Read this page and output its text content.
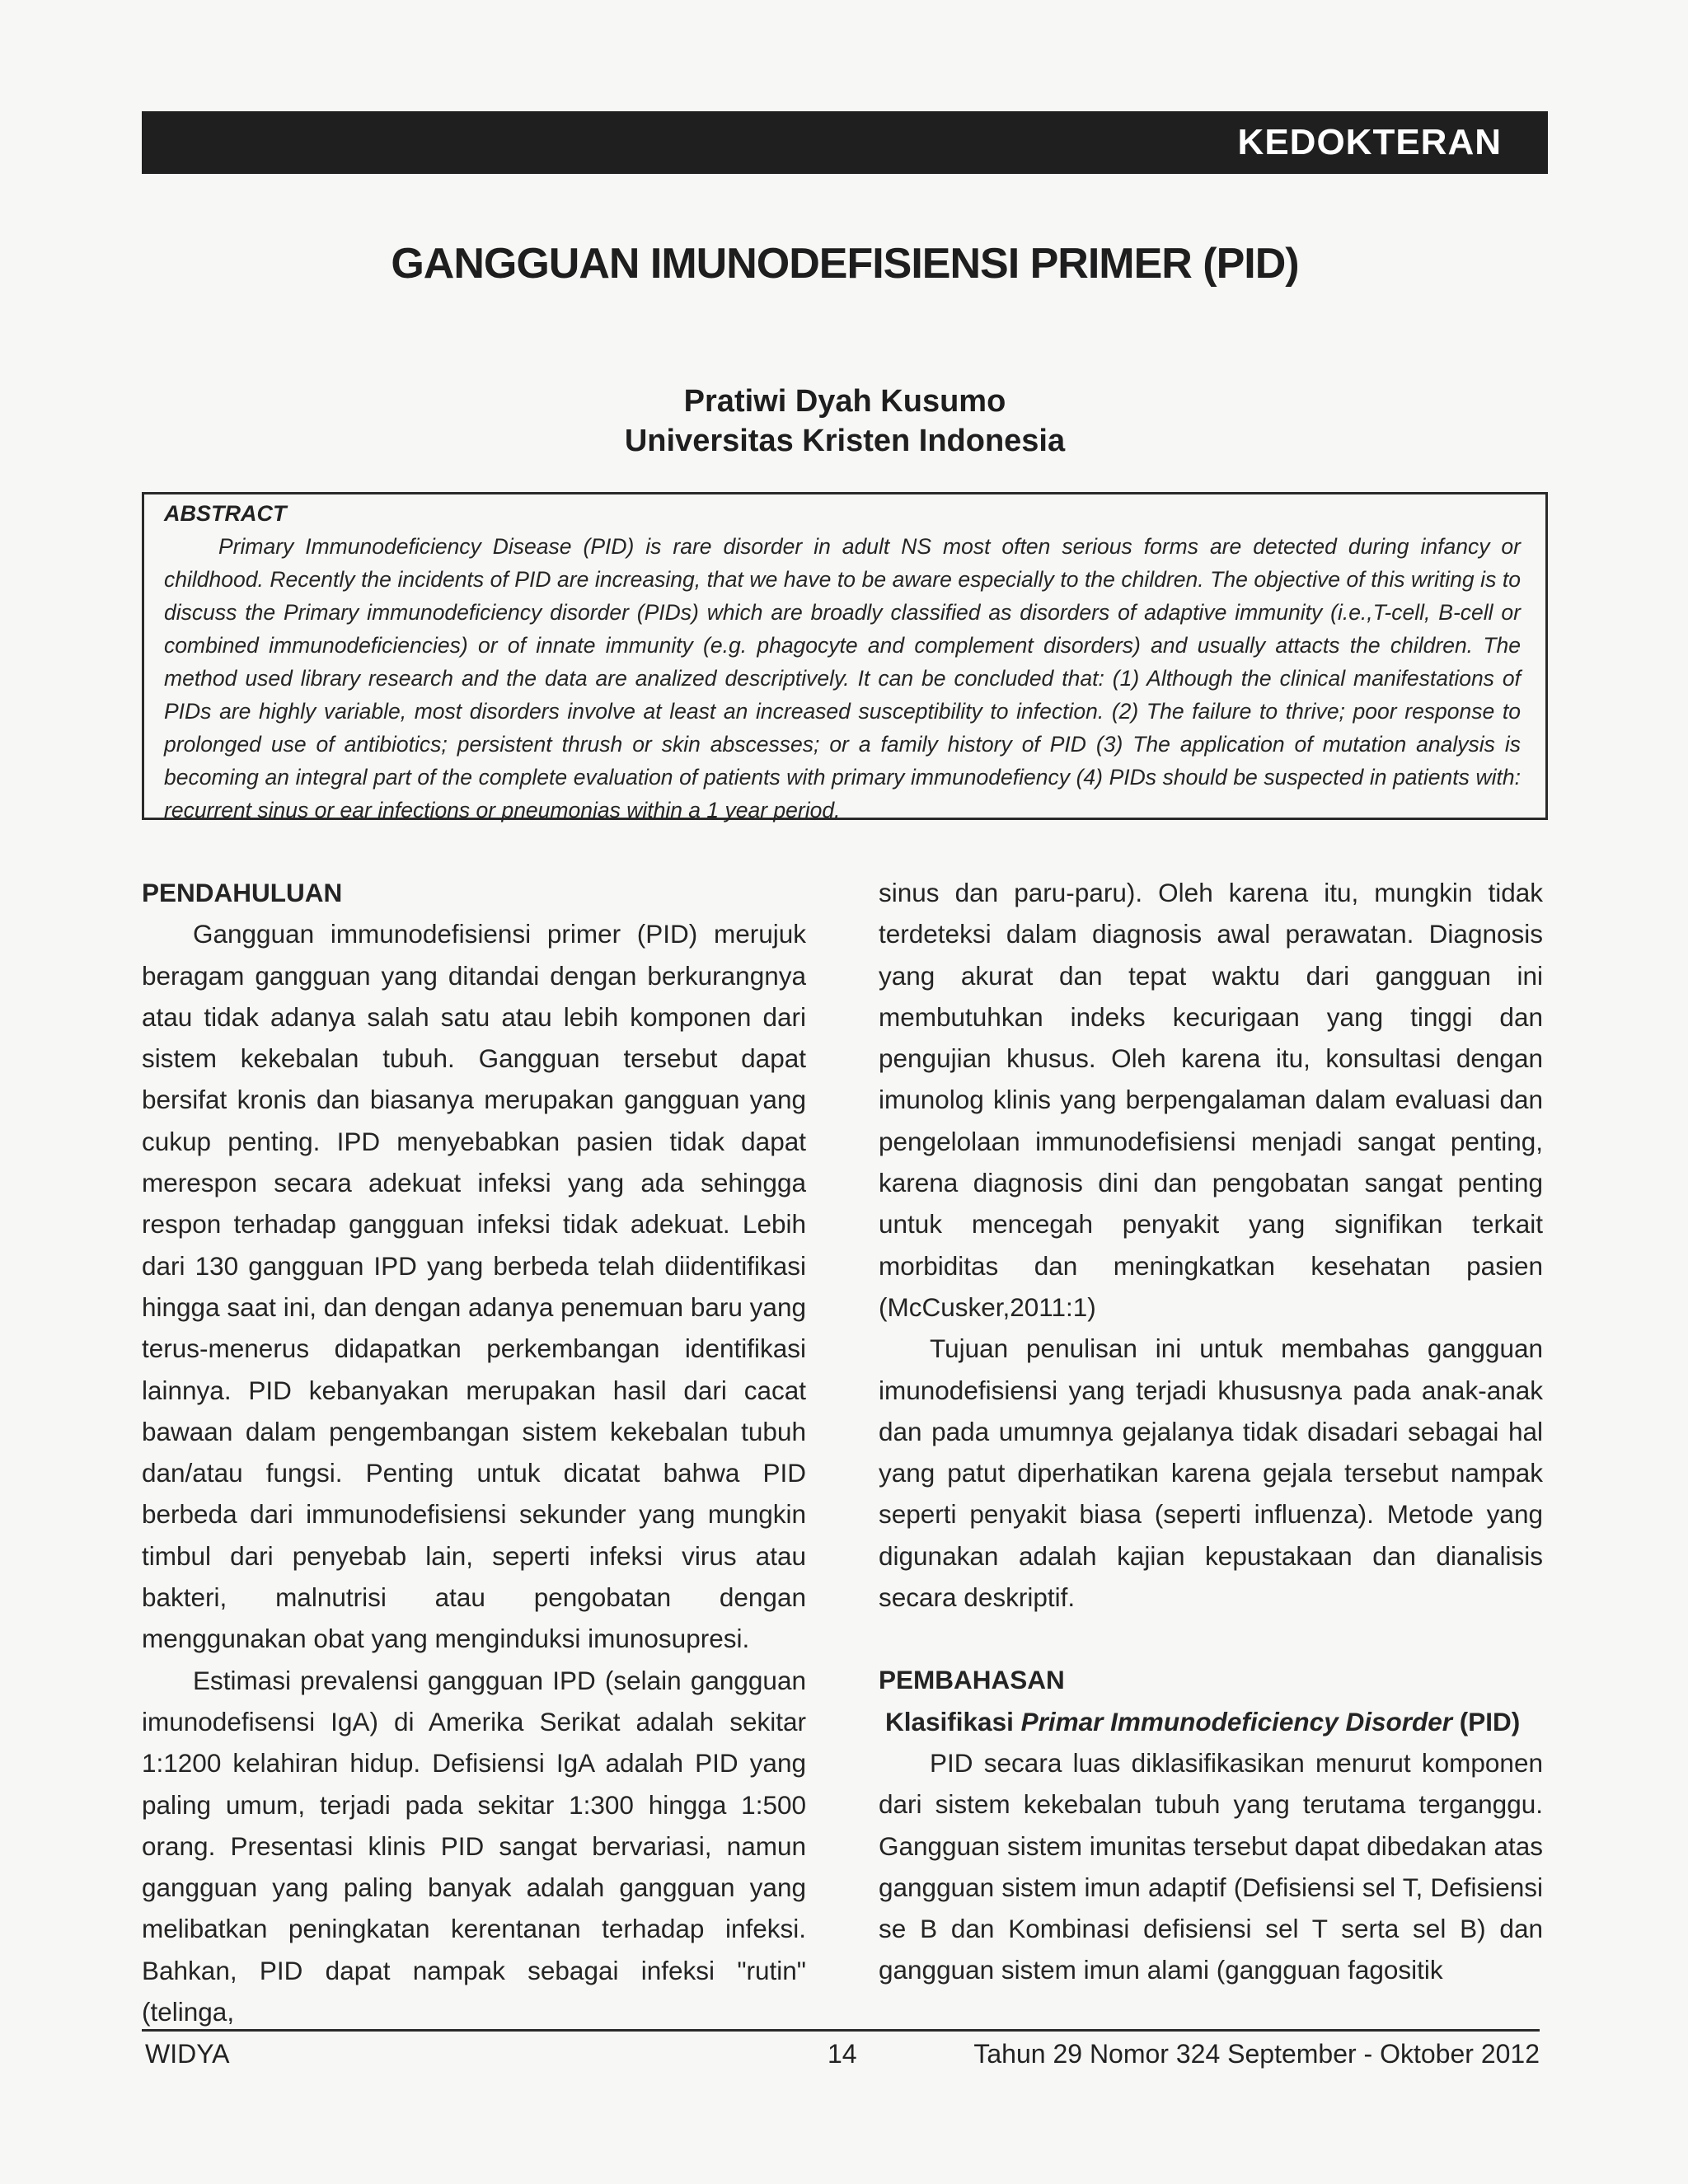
KEDOKTERAN
GANGGUAN IMUNODEFISIENSI PRIMER (PID)
Pratiwi Dyah Kusumo
Universitas Kristen Indonesia

ABSTRACT

Primary Immunodeficiency Disease (PID) is rare disorder in adult NS most often serious forms are detected during infancy or childhood. Recently the incidents of PID are increasing, that we have to be aware especially to the children. The objective of this writing is to discuss the Primary immunodeficiency disorder (PIDs) which are broadly classified as disorders of adaptive immunity (i.e.,T-cell, B-cell or combined immunodeficiencies) or of innate immunity (e.g. phagocyte and complement disorders) and usually attacts the children. The method used library research and the data are analized descriptively. It can be concluded that: (1) Although the clinical manifestations of PIDs are highly variable, most disorders involve at least an increased susceptibility to infection. (2) The failure to thrive; poor response to prolonged use of antibiotics; persistent thrush or skin abscesses; or a family history of PID (3) The application of mutation analysis is becoming an integral part of the complete evaluation of patients with primary immunodefiency (4) PIDs should be suspected in patients with: recurrent sinus or ear infections or pneumonias within a 1 year period.

PENDAHULUAN

Gangguan immunodefisiensi primer (PID) merujuk beragam gangguan yang ditandai dengan berkurangnya atau tidak adanya salah satu atau lebih komponen dari sistem kekebalan tubuh. Gangguan tersebut dapat bersifat kronis dan biasanya merupakan gangguan yang cukup penting. IPD menyebabkan pasien tidak dapat merespon secara adekuat infeksi yang ada sehingga respon terhadap gangguan infeksi tidak adekuat. Lebih dari 130 gangguan IPD yang berbeda telah diidentifikasi hingga saat ini, dan dengan adanya penemuan baru yang terus-menerus didapatkan perkembangan identifikasi lainnya. PID kebanyakan merupakan hasil dari cacat bawaan dalam pengembangan sistem kekebalan tubuh dan/atau fungsi. Penting untuk dicatat bahwa PID berbeda dari immunodefisiensi sekunder yang mungkin timbul dari penyebab lain, seperti infeksi virus atau bakteri, malnutrisi atau pengobatan dengan menggunakan obat yang menginduksi imunosupresi.

Estimasi prevalensi gangguan IPD (selain gangguan imunodefisensi IgA) di Amerika Serikat adalah sekitar 1:1200 kelahiran hidup. Defisiensi IgA adalah PID yang paling umum, terjadi pada sekitar 1:300 hingga 1:500 orang. Presentasi klinis PID sangat bervariasi, namun gangguan yang paling banyak adalah gangguan yang melibatkan peningkatan kerentanan terhadap infeksi. Bahkan, PID dapat nampak sebagai infeksi "rutin" (telinga,

sinus dan paru-paru). Oleh karena itu, mungkin tidak terdeteksi dalam diagnosis awal perawatan. Diagnosis yang akurat dan tepat waktu dari gangguan ini membutuhkan indeks kecurigaan yang tinggi dan pengujian khusus. Oleh karena itu, konsultasi dengan imunolog klinis yang berpengalaman dalam evaluasi dan pengelolaan immunodefisiensi menjadi sangat penting, karena diagnosis dini dan pengobatan sangat penting untuk mencegah penyakit yang signifikan terkait morbiditas dan meningkatkan kesehatan pasien (McCusker,2011:1)

Tujuan penulisan ini untuk membahas gangguan imunodefisiensi yang terjadi khususnya pada anak-anak dan pada umumnya gejalanya tidak disadari sebagai hal yang patut diperhatikan karena gejala tersebut nampak seperti penyakit biasa (seperti influenza). Metode yang digunakan adalah kajian kepustakaan dan dianalisis secara deskriptif.

PEMBAHASAN

Klasifikasi Primar Immunodeficiency Disorder (PID)

PID secara luas diklasifikasikan menurut komponen dari sistem kekebalan tubuh yang terutama terganggu. Gangguan sistem imunitas tersebut dapat dibedakan atas gangguan sistem imun adaptif (Defisiensi sel T, Defisiensi se B dan Kombinasi defisiensi sel T serta sel B) dan gangguan sistem imun alami (gangguan fagositik

WIDYA	14	Tahun 29 Nomor 324 September - Oktober 2012
